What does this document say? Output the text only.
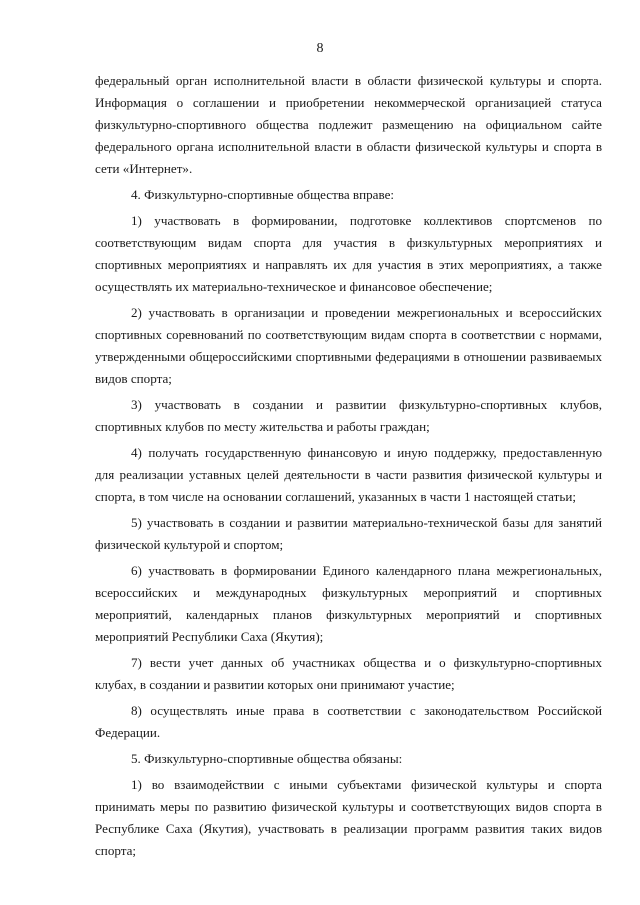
8

федеральный орган исполнительной власти в области физической культуры и спорта. Информация о соглашении и приобретении некоммерческой организацией статуса физкультурно-спортивного общества подлежит размещению на официальном сайте федерального органа исполнительной власти в области физической культуры и спорта в сети «Интернет».

4. Физкультурно-спортивные общества вправе:

1) участвовать в формировании, подготовке коллективов спортсменов по соответствующим видам спорта для участия в физкультурных мероприятиях и спортивных мероприятиях и направлять их для участия в этих мероприятиях, а также осуществлять их материально-техническое и финансовое обеспечение;

2) участвовать в организации и проведении межрегиональных и всероссийских спортивных соревнований по соответствующим видам спорта в соответствии с нормами, утвержденными общероссийскими спортивными федерациями в отношении развиваемых видов спорта;

3) участвовать в создании и развитии физкультурно-спортивных клубов, спортивных клубов по месту жительства и работы граждан;

4) получать государственную финансовую и иную поддержку, предоставленную для реализации уставных целей деятельности в части развития физической культуры и спорта, в том числе на основании соглашений, указанных в части 1 настоящей статьи;

5) участвовать в создании и развитии материально-технической базы для занятий физической культурой и спортом;

6) участвовать в формировании Единого календарного плана межрегиональных, всероссийских и международных физкультурных мероприятий и спортивных мероприятий, календарных планов физкультурных мероприятий и спортивных мероприятий Республики Саха (Якутия);

7) вести учет данных об участниках общества и о физкультурно-спортивных клубах, в создании и развитии которых они принимают участие;

8) осуществлять иные права в соответствии с законодательством Российской Федерации.

5. Физкультурно-спортивные общества обязаны:

1) во взаимодействии с иными субъектами физической культуры и спорта принимать меры по развитию физической культуры и соответствующих видов спорта в Республике Саха (Якутия), участвовать в реализации программ развития таких видов спорта;
